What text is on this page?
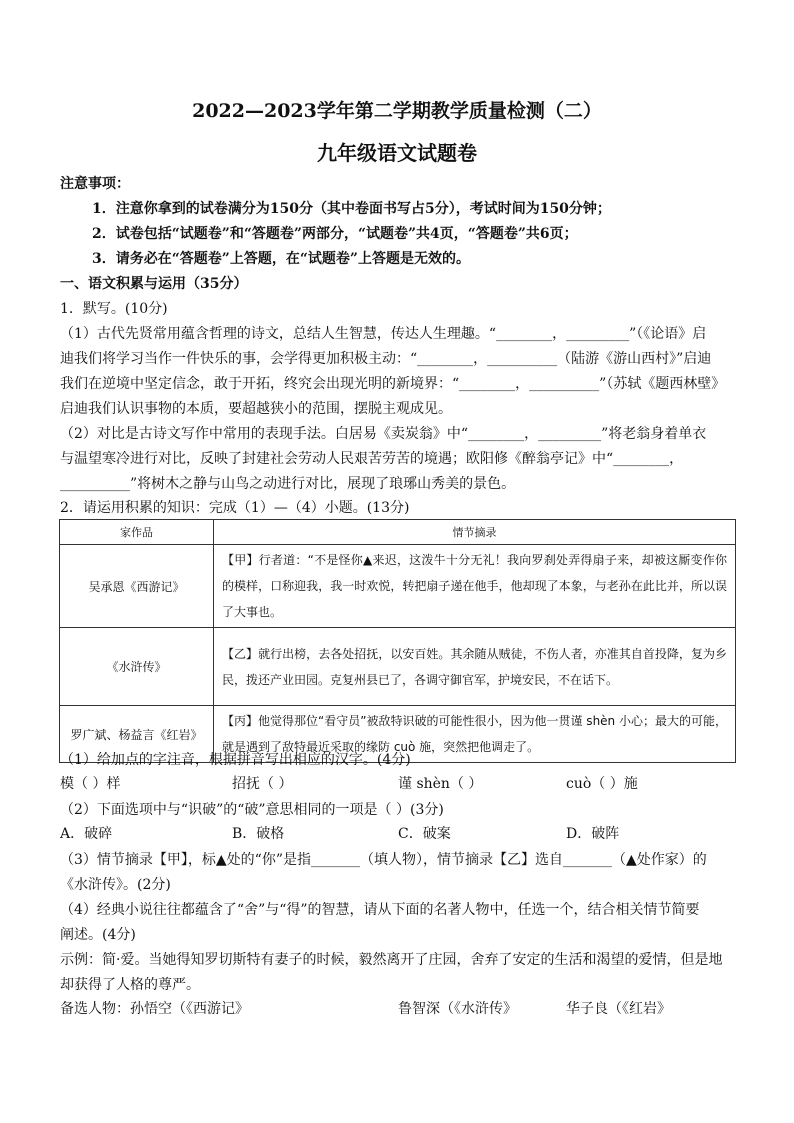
2022—2023学年第二学期教学质量检测（二）
九年级语文试题卷
注意事项：
1．注意你拿到的试卷满分为150分（其中卷面书写占5分），考试时间为150分钟；
2．试卷包括“试题卷”和“答题卷”两部分，“试题卷”共4页，“答题卷”共6页；
3．请务必在“答题卷”上答题，在“试题卷”上答题是无效的。
一、语文积累与运用（35分）
1．默写。(10分)
（1）古代先贤常用蕴含哲理的诗文，总结人生智慧，传达人生理趣。“________，_________”（《论语》启
迪我们将学习当作一件快乐的事，会学得更加积极主动：“________，__________（陆游《游山西村》”启迪
我们在逆境中坚定信念，敢于开拓，终究会出现光明的新境界：“________，__________”（苏轼《题西林壁》
启迪我们认识事物的本质，要超越狭小的范围，摆脱主观成见。
（2）对比是古诗文写作中常用的表现手法。白居易《卖炭翁》中“________，_________”将老翁身着单衣
与温望寒冷进行对比，反映了封建社会劳动人民艰苦劳苦的境遇；欧阳修《醉翁亭记》中“________，
__________”将树木之静与山鸟之动进行对比，展现了琅琊山秀美的景色。
2．请运用积累的知识：完成（1）—（4）小题。(13分)
家作品	情节摘录
吴承恩《西游记》	【甲】行者道：“不是怪你▲来迟，这泼牛十分无礼！我向罗刹处弄得扇子来，却被这厮变作你的模样，口称迎我，我一时欢悦，转把扇子递在他手，他却现了本象，与老孙在此比并，所以误了大事也。
《水浒传》	【乙】就行出榜，去各处招抚，以安百姓。其余随从贼徒，不伤人者，亦准其自首投降，复为乡民，拨还产业田园。克复州县已了，各调守御官军，护境安民，不在话下。
罗广斌、杨益言《红岩》	【丙】他觉得那位“看守员”被敌特识破的可能性很小，因为他一贯谨 shèn 小心；最大的可能，就是遇到了敌特最近采取的缘防 cuò 施，突然把他调走了。
（1）给加点的字注音，根据拼音写出相应的汉字。(4分)
模（ ）样	招抚（ ）	谨 shèn（ ）	cuò（ ）施
（2）下面选项中与“识破”的“破”意思相同的一项是（ ）(3分)
A．破碎	B．破格	C．破案	D．破阵
（3）情节摘录【甲】，标▲处的“你”是指_______（填人物），情节摘录【乙】选自_______（▲处作家）的
《水浒传》。(2分)
（4）经典小说往往都蕴含了“舍”与“得”的智慧，请从下面的名著人物中，任选一个，结合相关情节简要
阐述。(4分)
示例：简·爱。当她得知罗切斯特有妻子的时候，毅然离开了庄园，舍弃了安定的生活和渴望的爱情，但是地
却获得了人格的尊严。
备选人物： 孙悟空（《西游记》	鲁智深（《水浒传》	华子良（《红岩》
